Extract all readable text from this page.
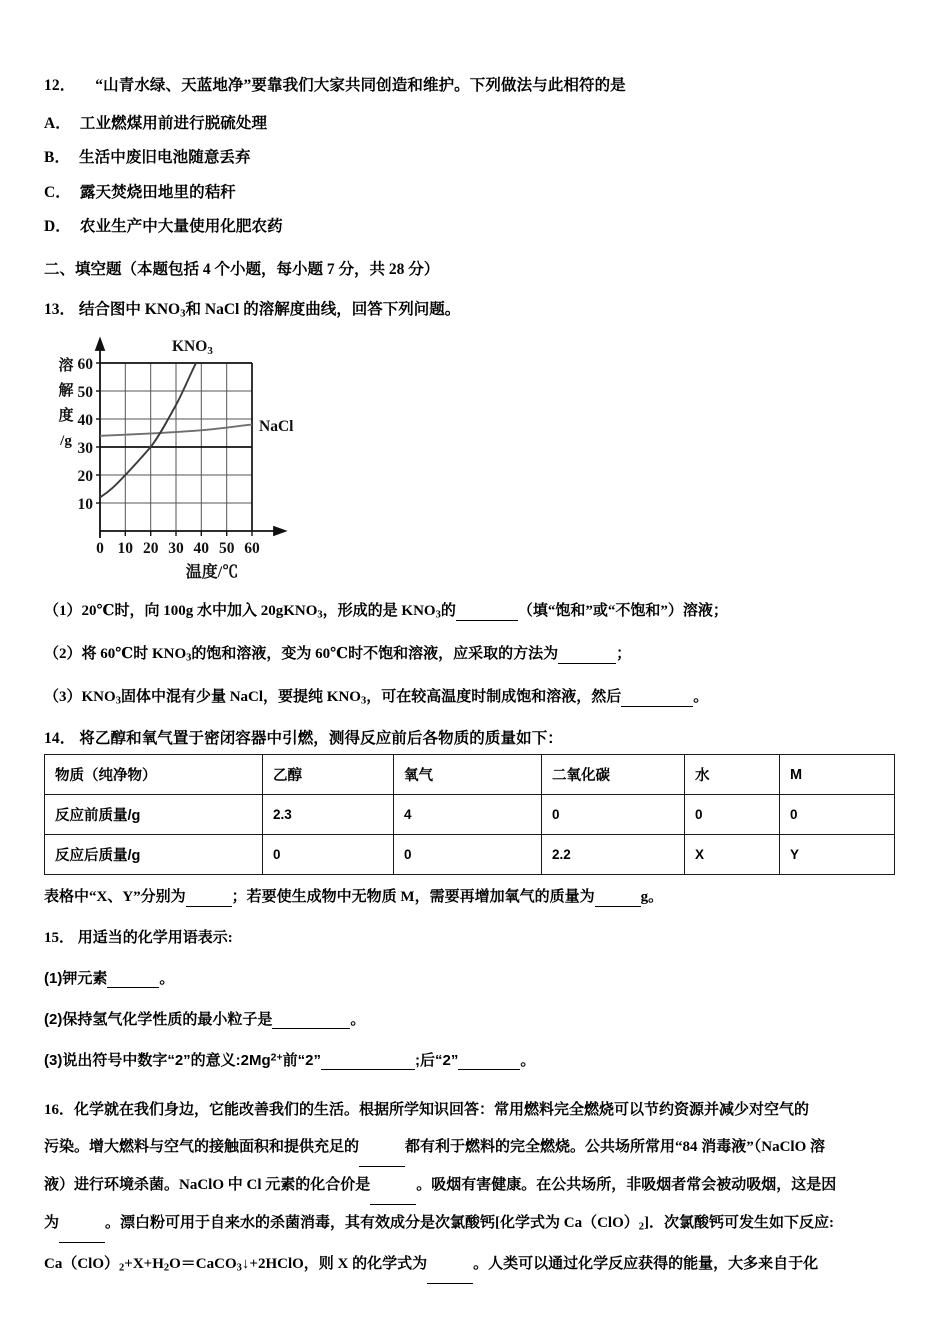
12． “山青水绿、天蓝地净”要靠我们大家共同创造和维护。下列做法与此相符的是
A． 工业燃煤用前进行脱硫处理
B． 生活中废旧电池随意丢弃
C． 露天焚烧田地里的秸秆
D． 农业生产中大量使用化肥农药
二、填空题（本题包括 4 个小题，每小题 7 分，共 28 分）
13． 结合图中 $KNO_3$和 NaCl 的溶解度曲线，回答下列问题。
60
50
40
30
20
10
0 10 20 30 40 50 60
溶
解
度
/g
温度/℃
KNO3
NaCl
（1）20℃时，向 100g 水中加入 20gKNO$_3$，形成的是 $KNO_3$的	（填“饱和”或“不饱和”）溶液；
（2）将 60℃时 $KNO_3$的饱和溶液，变为 60℃时不饱和溶液，应采取的方法为	；
$(3)KNO_3$固体中混有少量 NaCl，要提纯 $KNO_3$，可在较高温度时制成饱和溶液，然后	。
14． 将乙醇和氧气置于密闭容器中引燃，测得反应前后各物质的质量如下：
物质（纯净物）	乙醇	氧气	二氧化碳	水	M
反应前质量/g	2.3	4	0	0	0
反应后质量/g	0	0	2.2	X	Y
表格中“X、Y”分别为	；若要使生成物中无物质 M，需要再增加氧气的质量为	g。
15． 用适当的化学用语表示:
(1)钾元素	。
(2)保持氢气化学性质的最小粒子是	。
(3)说出符号中数字“2”的意义$:2Mg^{2+}$前“2”	;后“2”	。
16．化学就在我们身边，它能改善我们的生活。根据所学知识回答：常用燃料完全燃烧可以节约资源并减少对空气的
污染。增大燃料与空气的接触面积和提供充足的	都有利于燃料的完全燃烧。公共场所常用“84 消毒液”（NaClO 溶
液）进行环境杀菌。NaClO 中 Cl 元素的化合价是	。吸烟有害健康。在公共场所，非吸烟者常会被动吸烟，这是因
为	。漂白粉可用于自来水的杀菌消毒，其有效成分是次氯酸钙[化学式为 $Ca(ClO)_2$]．次氯酸钙可发生如下反应:
$Ca(ClO)_2+X+H_2O=CaCO_3↓+2HClO$，则 X 的化学式为	。人类可以通过化学反应获得的能量，大多来自于化
